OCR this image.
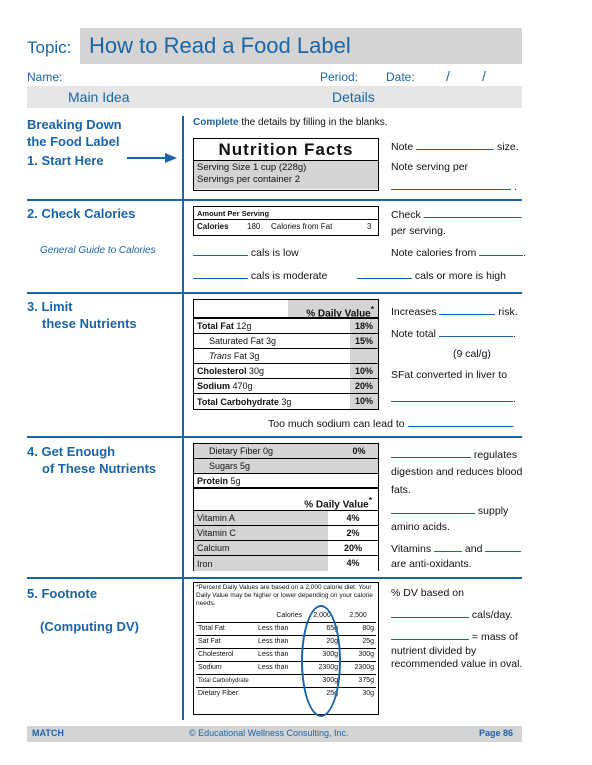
Topic: How to Read a Food Label
Name:	Period: Date: / /
Main Idea	Details
Breaking Down
the Food Label
1. Start Here
Complete the details by filling in the blanks.
Nutrition Facts
Serving Size 1 cup (228g)
Servings per container 2
Note	size.
Note serving per
.
2. Check Calories
General Guide to Calories
Amount Per Serving
Calories	180	Calories from Fat	3
Check
per serving.
Note calories from	.
cals is low
cals is moderate	cals or more is high
3. Limit
these Nutrients
% Daily Value*
Total Fat 12g	18%
Saturated Fat 3g	15%
Trans Fat 3g
Cholesterol 30g	10%
Sodium 470g	20%
Total Carbohydrate 3g	10%
Increases	risk.
Note total	.
(9 cal/g)
SFat converted in liver to
.
Too much sodium can lead to	.
4. Get Enough
of These Nutrients
Dietary Fiber 0g	0%
Sugars 5g
Protein 5g
% Daily Value*
Vitamin A	4%
Vitamin C	2%
Calcium	20%
Iron	4%
regulates
digestion and reduces blood
fats.
supply
amino acids.
Vitamins	and
are anti-oxidants.
5. Footnote
(Computing DV)
*Percent Daily Values are based on a 2,000 calorie diet. Your Daily Value may be higher or lower depending on your calorie needs.
	Calories	2,000	2,500
Total Fat	Less than	65g	80g
Sat Fat	Less than	20g	25g
Cholesterol	Less than	300g	300g
Sodium	Less than	2300g	2300g
Total Carbohydrate		300g	375g
Dietary Fiber		25g	30g
% DV based on
cals/day.
= mass of
nutrient divided by
recommended value in oval.
MATCH	© Educational Wellness Consulting, Inc.	Page 86
